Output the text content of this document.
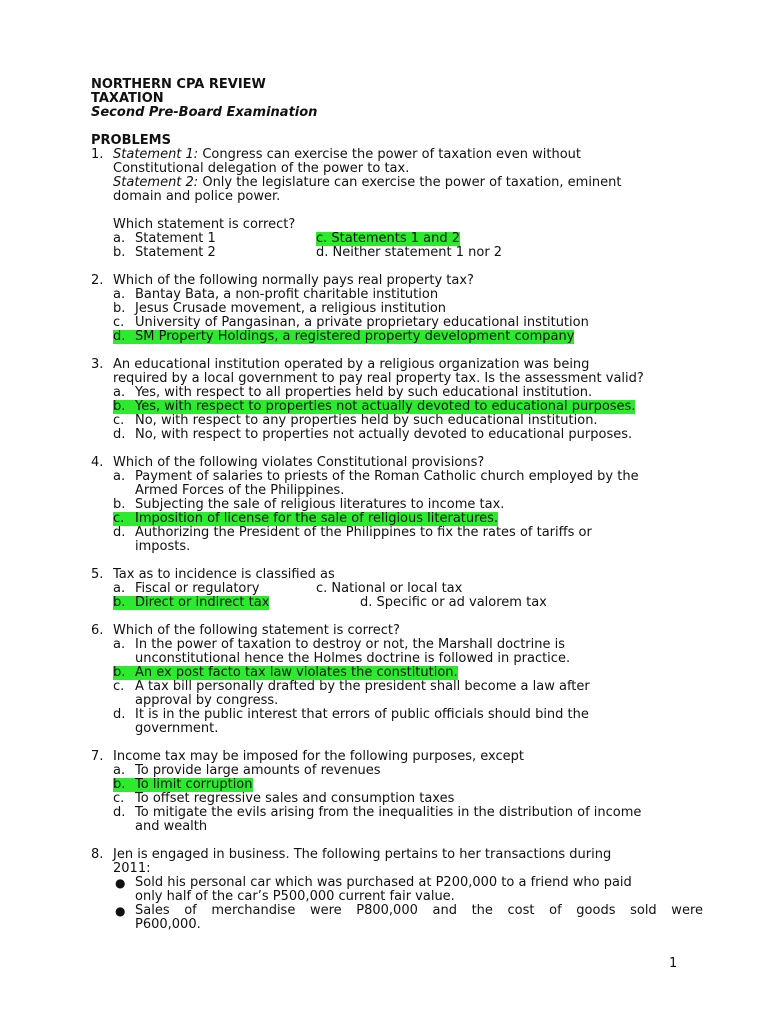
NORTHERN CPA REVIEW
TAXATION
Second Pre-Board Examination
PROBLEMS
1. Statement 1: Congress can exercise the power of taxation even without
Constitutional delegation of the power to tax.
Statement 2: Only the legislature can exercise the power of taxation, eminent
domain and police power.
Which statement is correct?
a. Statement 1	c. Statements 1 and 2
b. Statement 2	d. Neither statement 1 nor 2
2. Which of the following normally pays real property tax?
a. Bantay Bata, a non-profit charitable institution
b. Jesus Crusade movement, a religious institution
c. University of Pangasinan, a private proprietary educational institution
d. SM Property Holdings, a registered property development company
3. An educational institution operated by a religious organization was being
required by a local government to pay real property tax. Is the assessment valid?
a. Yes, with respect to all properties held by such educational institution.
b. Yes, with respect to properties not actually devoted to educational purposes.
c. No, with respect to any properties held by such educational institution.
d. No, with respect to properties not actually devoted to educational purposes.
4. Which of the following violates Constitutional provisions?
a. Payment of salaries to priests of the Roman Catholic church employed by the
Armed Forces of the Philippines.
b. Subjecting the sale of religious literatures to income tax.
c. Imposition of license for the sale of religious literatures.
d. Authorizing the President of the Philippines to fix the rates of tariffs or
imposts.
5. Tax as to incidence is classified as
a. Fiscal or regulatory	c. National or local tax
b. Direct or indirect tax	d. Specific or ad valorem tax
6. Which of the following statement is correct?
a. In the power of taxation to destroy or not, the Marshall doctrine is
unconstitutional hence the Holmes doctrine is followed in practice.
b. An ex post facto tax law violates the constitution.
c. A tax bill personally drafted by the president shall become a law after
approval by congress.
d. It is in the public interest that errors of public officials should bind the
government.
7. Income tax may be imposed for the following purposes, except
a. To provide large amounts of revenues
b. To limit corruption
c. To offset regressive sales and consumption taxes
d. To mitigate the evils arising from the inequalities in the distribution of income
and wealth
8. Jen is engaged in business. The following pertains to her transactions during
2011:
● Sold his personal car which was purchased at P200,000 to a friend who paid
only half of the car’s P500,000 current fair value.
● Sales of merchandise were P800,000 and the cost of goods sold were
P600,000.
1
